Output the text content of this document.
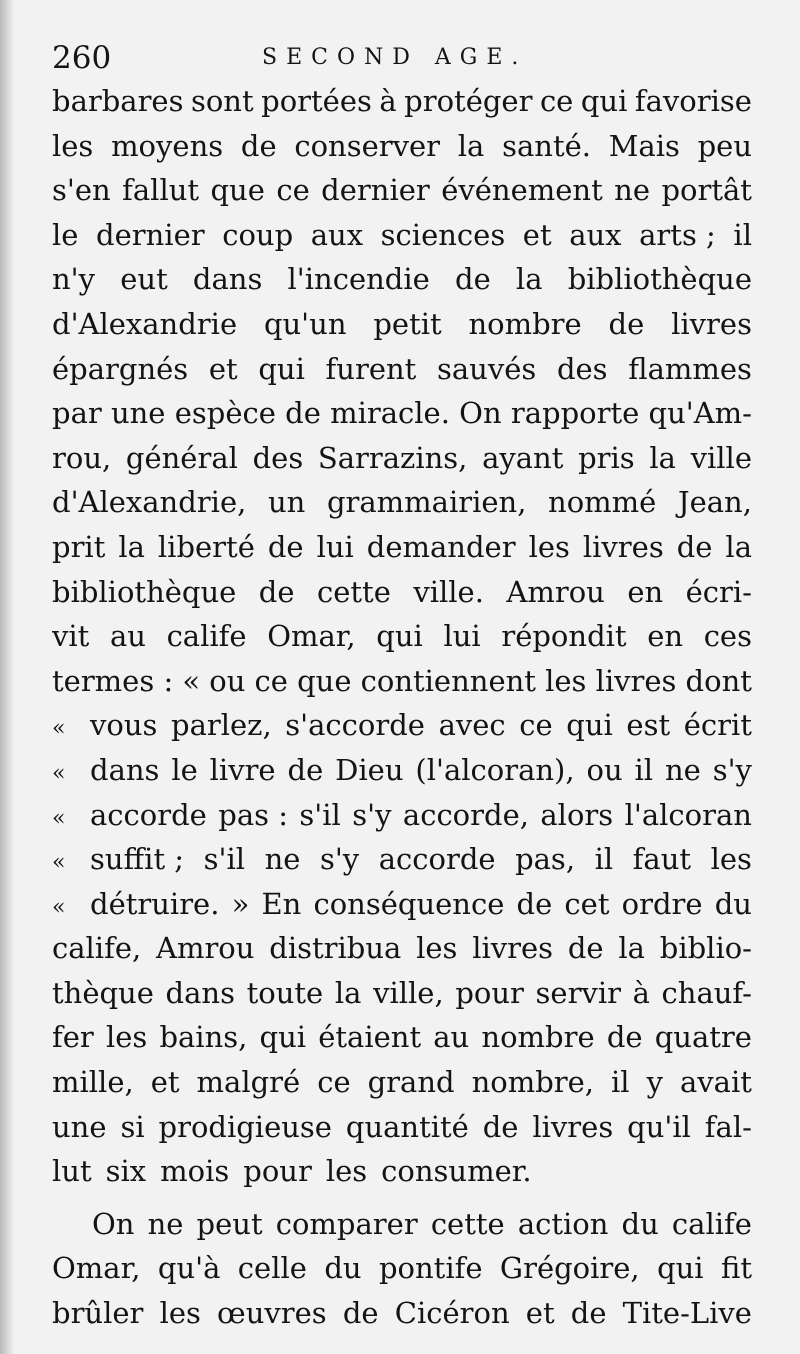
260	SECOND AGE.
barbares sont portées à protéger ce qui favorise
les moyens de conserver la santé. Mais peu
s'en fallut que ce dernier événement ne portât
le dernier coup aux sciences et aux arts ; il
n'y eut dans l'incendie de la bibliothèque
d'Alexandrie qu'un petit nombre de livres
épargnés et qui furent sauvés des flammes
par une espèce de miracle. On rapporte qu'Am-
rou, général des Sarrazins, ayant pris la ville
d'Alexandrie, un grammairien, nommé Jean,
prit la liberté de lui demander les livres de la
bibliothèque de cette ville. Amrou en écri-
vit au calife Omar, qui lui répondit en ces
termes : « ou ce que contiennent les livres dont
« vous parlez, s'accorde avec ce qui est écrit
« dans le livre de Dieu (l'alcoran), ou il ne s'y
« accorde pas : s'il s'y accorde, alors l'alcoran
« suffit ; s'il ne s'y accorde pas, il faut les
« détruire. » En conséquence de cet ordre du
calife, Amrou distribua les livres de la biblio-
thèque dans toute la ville, pour servir à chauf-
fer les bains, qui étaient au nombre de quatre
mille, et malgré ce grand nombre, il y avait
une si prodigieuse quantité de livres qu'il fal-
lut six mois pour les consumer.
On ne peut comparer cette action du calife
Omar, qu'à celle du pontife Grégoire, qui fit
brûler les œuvres de Cicéron et de Tite-Live
